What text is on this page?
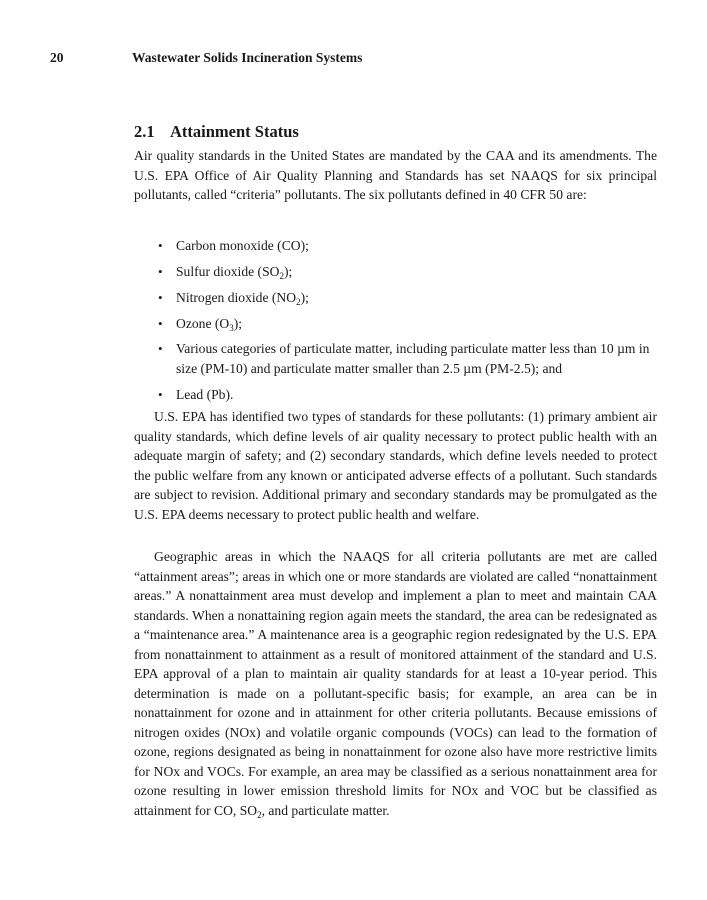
20	Wastewater Solids Incineration Systems
2.1 Attainment Status

Air quality standards in the United States are mandated by the CAA and its amendments. The U.S. EPA Office of Air Quality Planning and Standards has set NAAQS for six principal pollutants, called “criteria” pollutants. The six pollutants defined in 40 CFR 50 are:

• Carbon monoxide (CO);
• Sulfur dioxide $(SO_2)$;
• Nitrogen dioxide $(NO_2)$;
• Ozone $(O_3)$;
• Various categories of particulate matter, including particulate matter less than 10 µm in size (PM-10) and particulate matter smaller than 2.5 µm (PM-2.5); and
• Lead (Pb).

U.S. EPA has identified two types of standards for these pollutants: (1) primary ambient air quality standards, which define levels of air quality necessary to protect public health with an adequate margin of safety; and (2) secondary standards, which define levels needed to protect the public welfare from any known or anticipated adverse effects of a pollutant. Such standards are subject to revision. Additional primary and secondary standards may be promulgated as the U.S. EPA deems necessary to protect public health and welfare.

Geographic areas in which the NAAQS for all criteria pollutants are met are called “attainment areas”; areas in which one or more standards are violated are called “nonattainment areas.” A nonattainment area must develop and implement a plan to meet and maintain CAA standards. When a nonattaining region again meets the standard, the area can be redesignated as a “maintenance area.” A maintenance area is a geographic region redesignated by the U.S. EPA from nonattainment to attainment as a result of monitored attainment of the standard and U.S. EPA approval of a plan to maintain air quality standards for at least a 10-year period. This determination is made on a pollutant-specific basis; for example, an area can be in nonattainment for ozone and in attainment for other criteria pollutants. Because emissions of nitrogen oxides (NOx) and volatile organic compounds (VOCs) can lead to the formation of ozone, regions designated as being in nonattainment for ozone also have more restrictive limits for NOx and VOCs. For example, an area may be classified as a serious nonattainment area for ozone resulting in lower emission threshold limits for NOx and VOC but be classified as attainment for CO, $SO_2$, and particulate matter.
